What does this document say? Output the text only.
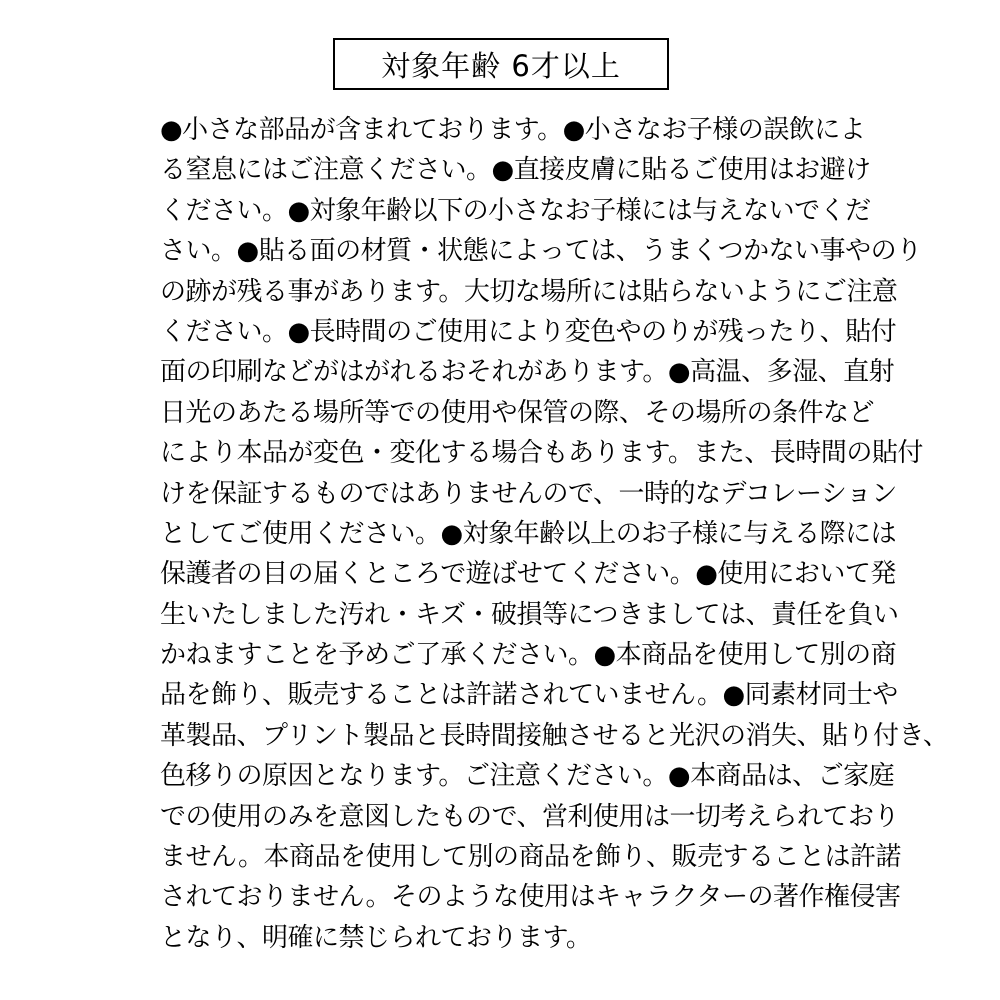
対象年齢 6才以上
●小さな部品が含まれております。●小さなお子様の誤飲によ
る窒息にはご注意ください。●直接皮膚に貼るご使用はお避け
ください。●対象年齢以下の小さなお子様には与えないでくだ
さい。●貼る面の材質・状態によっては、うまくつかない事やのり
の跡が残る事があります。大切な場所には貼らないようにご注意
ください。●長時間のご使用により変色やのりが残ったり、貼付
面の印刷などがはがれるおそれがあります。●高温、多湿、直射
日光のあたる場所等での使用や保管の際、その場所の条件など
により本品が変色・変化する場合もあります。また、長時間の貼付
けを保証するものではありませんので、一時的なデコレーション
としてご使用ください。●対象年齢以上のお子様に与える際には
保護者の目の届くところで遊ばせてください。●使用において発
生いたしました汚れ・キズ・破損等につきましては、責任を負い
かねますことを予めご了承ください。●本商品を使用して別の商
品を飾り、販売することは許諾されていません。●同素材同士や
革製品、プリント製品と長時間接触させると光沢の消失、貼り付き、
色移りの原因となります。ご注意ください。●本商品は、ご家庭
での使用のみを意図したもので、営利使用は一切考えられており
ません。本商品を使用して別の商品を飾り、販売することは許諾
されておりません。そのような使用はキャラクターの著作権侵害
となり、明確に禁じられております。
